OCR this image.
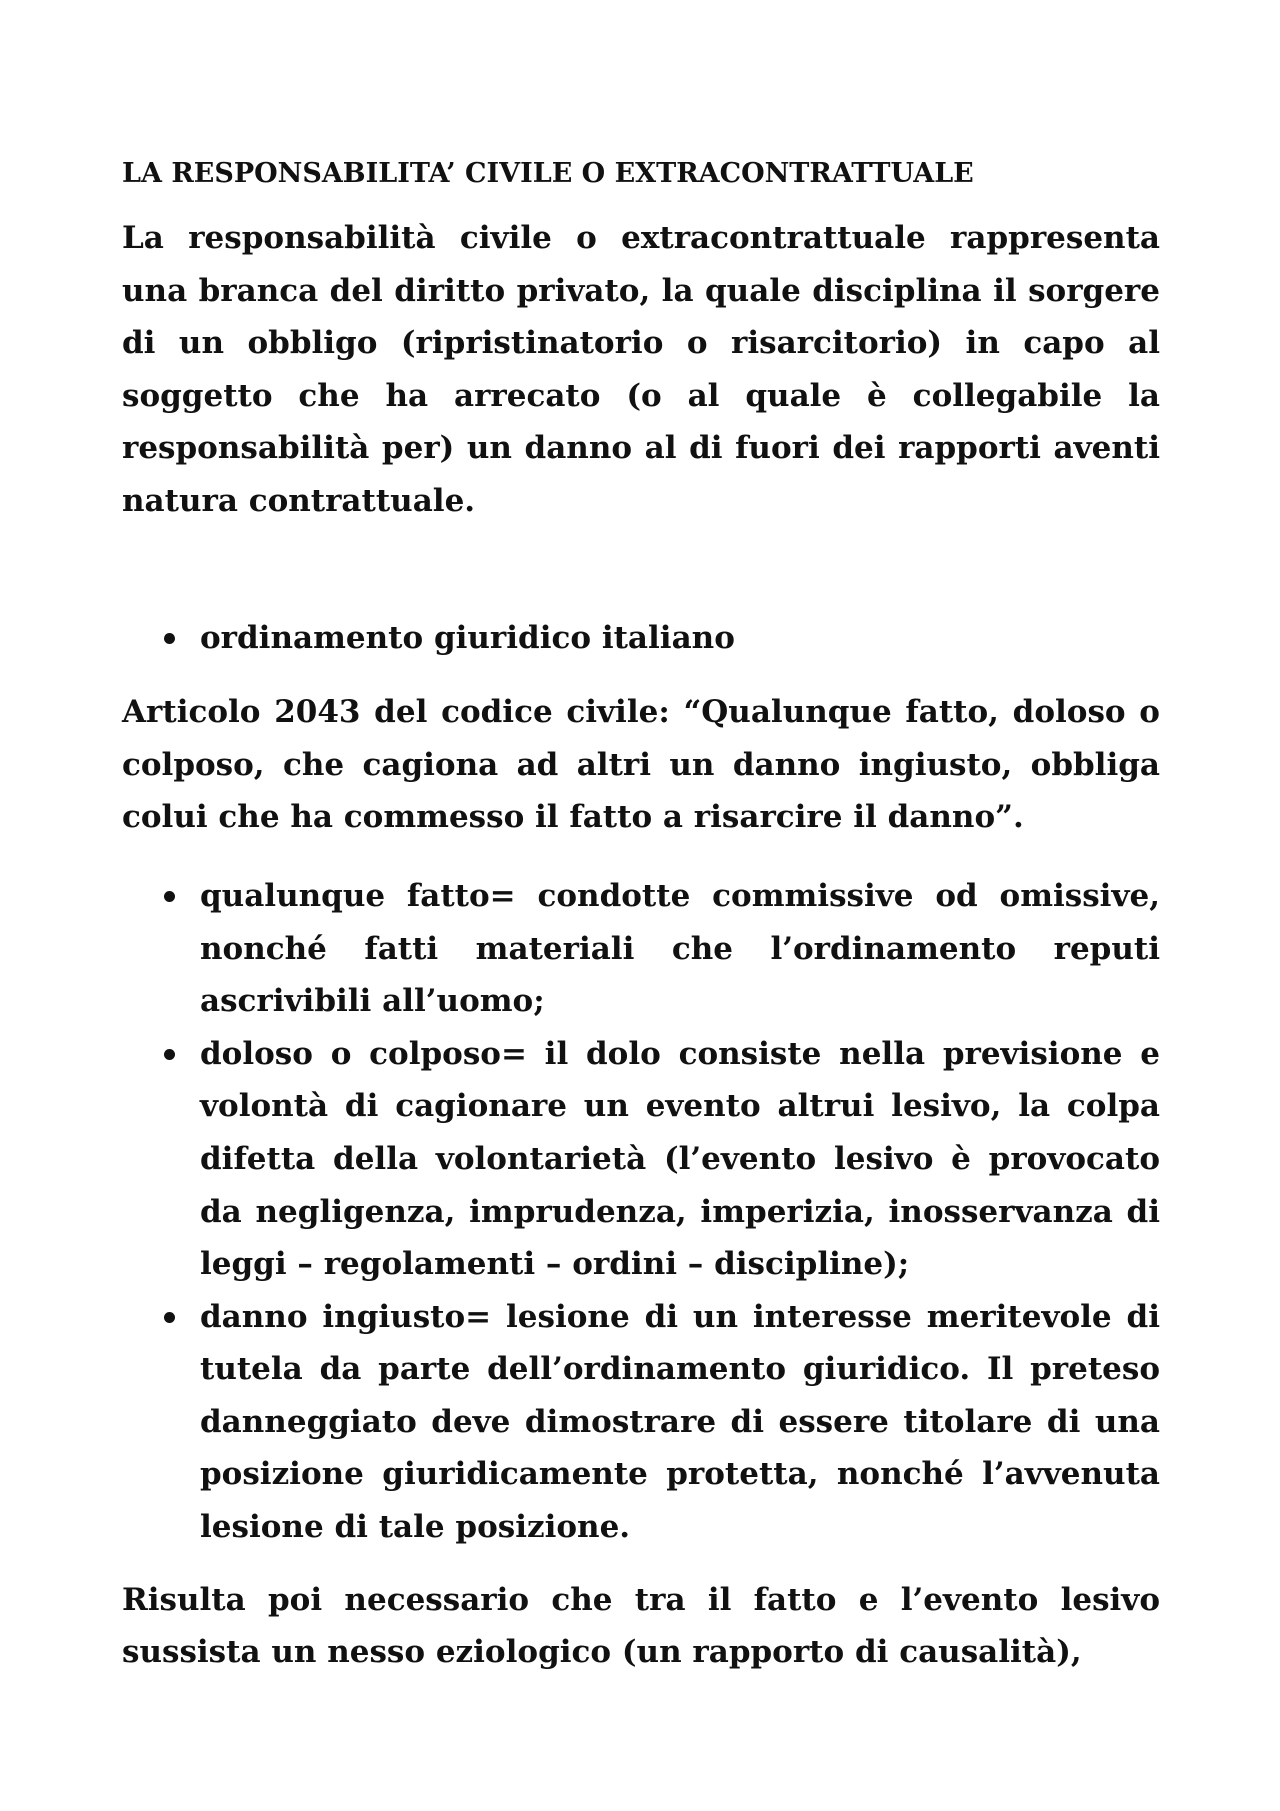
LA RESPONSABILITA’ CIVILE O EXTRACONTRATTUALE

La responsabilità civile o extracontrattuale rappresenta una branca del diritto privato, la quale disciplina il sorgere di un obbligo (ripristinatorio o risarcitorio) in capo al soggetto che ha arrecato (o al quale è collegabile la responsabilità per) un danno al di fuori dei rapporti aventi natura contrattuale.

ordinamento giuridico italiano

Articolo 2043 del codice civile: “Qualunque fatto, doloso o colposo, che cagiona ad altri un danno ingiusto, obbliga colui che ha commesso il fatto a risarcire il danno”.

qualunque fatto= condotte commissive od omissive, nonché fatti materiali che l’ordinamento reputi ascrivibili all’uomo;
doloso o colposo= il dolo consiste nella previsione e volontà di cagionare un evento altrui lesivo, la colpa difetta della volontarietà (l’evento lesivo è provocato da negligenza, imprudenza, imperizia, inosservanza di leggi – regolamenti – ordini – discipline);
danno ingiusto= lesione di un interesse meritevole di tutela da parte dell’ordinamento giuridico. Il preteso danneggiato deve dimostrare di essere titolare di una posizione giuridicamente protetta, nonché l’avvenuta lesione di tale posizione.

Risulta poi necessario che tra il fatto e l’evento lesivo sussista un nesso eziologico (un rapporto di causalità),
